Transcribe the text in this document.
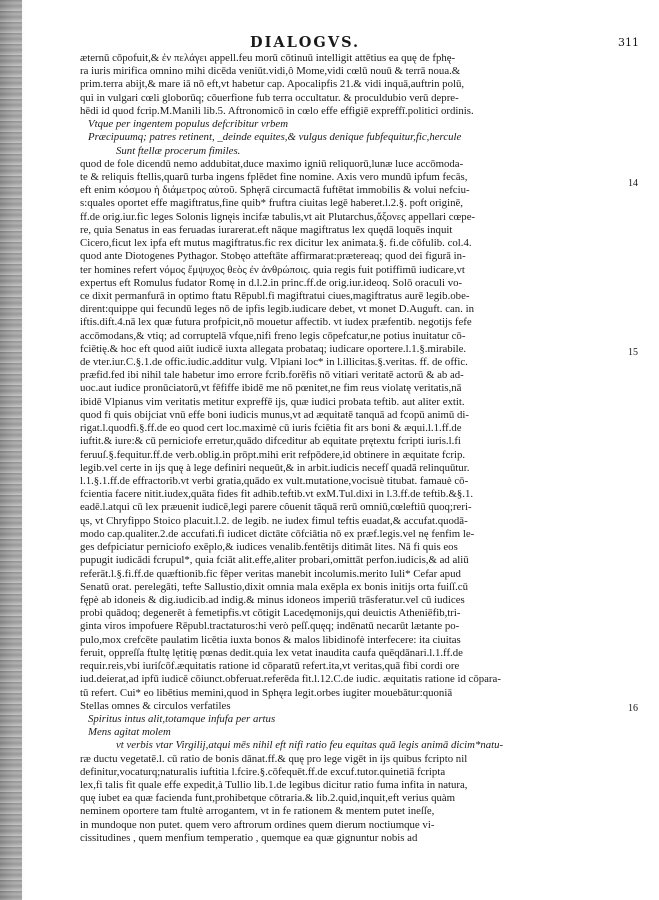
DIALOGVS.	311
14
15
16
æternū cōpofuit,& ἐν πελάγει appell.feu morū cōtinuū intelligit attētius ea quę de fphę-
ra iuris mirifica omnino mihi dicēda veniūt.vidi,ô Mome,vidi cœlū nouū & terrā noua.&
prim.terra abijt,& mare iā nō eft,vt habetur cap. Apocalipfis 21.& vidi inquā,auftrin polū,
qui in vulgari cœli globorūq; cōuerfione fub terra occultatur. & proculdubio verū depre-
hēdi id quod fcrip.M.Manili lib.5. Aftronomicō in cœlo effe effigiē expreffī.politici ordinis.
Vtque per ingentem populus defcribitur vrbem
Præcipuumq; patres retinent, _deinde equites,& vulgus denique fubfequitur,fic,hercule
Sunt ftellæ procerum fimiles.
quod de fole dicendū nemo addubitat,duce maximo igniū reliquorū,lunæ luce accōmoda-
te & reliquis ftellis,quarū turba ingens fplēdet fine nomine. Axis vero mundū ipfum fecās,
eft enim κόσμου ἡ διάμετρος αὐτοῦ. Sphęrā circumactā fuftētat immobilis & volui nefciu-
s:quales oportet effe magiftratus,fine quib* fruftra ciuitas legē haberet.l.2.§. poft originē,
ff.de orig.iur.fic leges Solonis lignęis incifæ tabulis,vt ait Plutarchus,ἄξονες appellari cœpe-
re, quia Senatus in eas feruadas iurarerat.eft nāque magiftratus lex quędā loquēs inquit
Cicero,ficut lex ipfa eft mutus magiftratus.fic rex dicitur lex animata.§. fi.de cōfulib. col.4.
quod ante Diotogenes Pythagor. Stobęo atteftāte affirmarat:prætereaq; quod dei figurā in-
ter homines refert νόμος ἔμψυχος θεὸς ἐν ἀνθρώποις. quia regis fuit potiffimū iudicare,vt
expertus eft Romulus fudator Romę in d.l.2.in princ.ff.de orig.iur.ideoq. Solō oraculi vo-
ce dixit permanfurā in optimo ftatu Rēpubl.fi magiftratui ciues,magiftratus aurē legib.obe-
dirent:quippe qui fecundū leges nō de ipfis legib.iudicare debet, vt monet D.Auguft. can. in
iftis.dift.4.nā lex quæ futura profpicit,nō mouetur affectib. vt iudex præfentib. negotijs fefe
accōmodans,& vtiq; ad corruptelā vfque,nifi freno legis cōpefcatur,ne potius inuitatur cō-
fciētię.& hoc eft quod aiūt iudicē iuxta allegata probataq; iudicare oportere.l.1.§.mirabile.
de vter.iur.C.§.1.de offic.iudic.additur vulg. Vlpiani loc* in l.illicitas.§.veritas. ff. de offic.
præfid.fed ibi nihil tale habetur imo errore fcrib.forēfis nō vitiari veritatē actorū & ab ad-
uoc.aut iudice pronūciatorū,vt fēfiffe ibidē me nō pœnitet,ne fim reus violatę veritatis,nā
ibidē Vlpianus vim veritatis metitur expreffē ijs, quæ iudici probata teftib. aut aliter extit.
quod fi quis obijciat vnū effe boni iudicis munus,vt ad æquitatē tanquā ad fcopū animū di-
rigat.l.quodfi.§.ff.de eo quod cert loc.maximè cū iuris fciētia fit ars boni & æqui.l.1.ff.de
iuftit.& iure:& cū perniciofe erretur,quādo difceditur ab equitate prętextu fcripti iuris.l.fi
feruuſ.§.fequitur.ff.de verb.oblig.in prōpt.mihi erit refpōdere,id obtinere in æquitate fcrip.
legib.vel certe in ijs quę à lege definiri nequeūt,& in arbit.iudicis necefſ quadā relinquūtur.
l.1.§.1.ff.de effractorib.vt verbi gratia,quādo ex vult.mutatione,vocisuè titubat. famauè cō-
fcientia facere nitit.iudex,quāta fides fit adhib.teftib.vt exM.Tul.dixi in l.3.ff.de teftib.&§.1.
eadē.l.atqui cū lex præuenit iudicē,legi parere côuenit tāquā rerū omniū,cœleftiū quoq;reri-
ųs, vt Chryfippo Stoico placuit.l.2. de legib. ne iudex fimul teftis euadat,& accufat.quodā-
modo cap.qualiter.2.de accufati.fi iudicet dictāte cōfciātia nō ex præf.legis.vel nę fenfim le-
ges defpiciatur perniciofo exēplo,& iudices venalib.fentētijs ditimāt lites. Nā fi quis eos
pupugit iudicādi fcrupul*, quia fciāt alit.effe,aliter probari,omittāt perfon.iudicis,& ad aliū
referāt.l.§.fi.ff.de quæftionib.fic fêper veritas manebit incolumis.merito Iuli* Cefar apud
Senatū orat. perelegāti, tefte Sallustio,dixit omnia mala exēpla ex bonis initijs orta fuiſſ.cū
fępè ab idoneis & dig.iudicib.ad indig.& minus idoneos imperiū trāsferatur.vel cū iudices
probi quādoq; degenerēt à femetipfis.vt cōtigit Lacedęmonijs,qui deuictis Atheniēfib,tri-
ginta viros impofuere Rēpubl.tractaturos:hi verò peſſ.quęq; indēnatū necarūt lætante po-
pulo,mox crefcēte paulatim licētia iuxta bonos & malos libidinofè interfecere: ita ciuitas
feruit, oppreſſa ftultę lętitię pœnas dedit.quia lex vetat inaudita caufa quēqdānari.l.1.ff.de
requir.reis,vbi iuriſcōf.æquitatis ratione id cōparatū refert.ita,vt veritas,quā fibi cordi ore
iud.deierat,ad ipfū iudicē cōiunct.obferuat.referēda fit.l.12.C.de iudic. æquitatis ratione id cōpara-
tū refert. Cui* eo libētius memini,quod in Sphęra legit.orbes iugiter mouebātur:quoniā
Stellas omnes & circulos verfatiles
Spiritus intus alit,totamque infufa per artus
Mens agitat molem
vt verbis vtar Virgilij,atqui mēs nihil eft nifi ratio feu equitas quā legis animā dicim*natu-
ræ ductu vegetatē.l. cū ratio de bonis dānat.ff.& quę pro lege vigēt in ijs quibus fcripto nil
definitur,vocaturq;naturalis iuftitia l.fcire.§.cōfequēt.ff.de excuf.tutor.quinetiā fcripta
lex,fi talis fit quale effe expedit,à Tullio lib.1.de legibus dicitur ratio fuma infita in natura,
quę iubet ea quæ facienda funt,prohibetque cōtraria.& lib.2.quid,inquit,eft verius quàm
neminem oportere tam ftultè arrogantem, vt in fe rationem & mentem putet ineſſe,
in mundoque non putet. quem vero aftrorum ordines quem dierum noctiumque vi-
cissitudines , quem menfium temperatio , quemque ea quæ gignuntur nobis ad
